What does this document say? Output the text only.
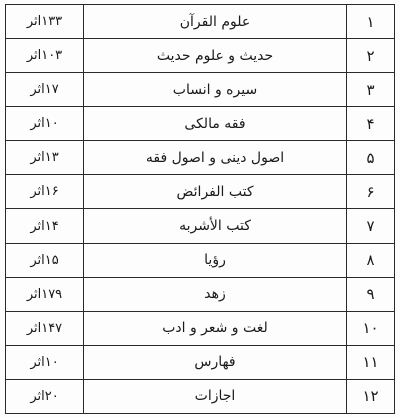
۱	علوم القرآن	۱۳۳اثر
۲	حدیث و علوم حدیث	۱۰۳اثر
۳	سیره و انساب	۱۷اثر
۴	فقه مالکی	۱۰اثر
۵	اصول دینی و اصول فقه	۱۳اثر
۶	کتب الفرائض	۱۶اثر
۷	کتب الأشربه	۱۴اثر
۸	رؤیا	۱۵اثر
۹	زهد	۱۷۹اثر
۱۰	لغت و شعر و ادب	۱۴۷اثر
۱۱	فهارس	۱۰اثر
۱۲	اجازات	۲۰اثر
